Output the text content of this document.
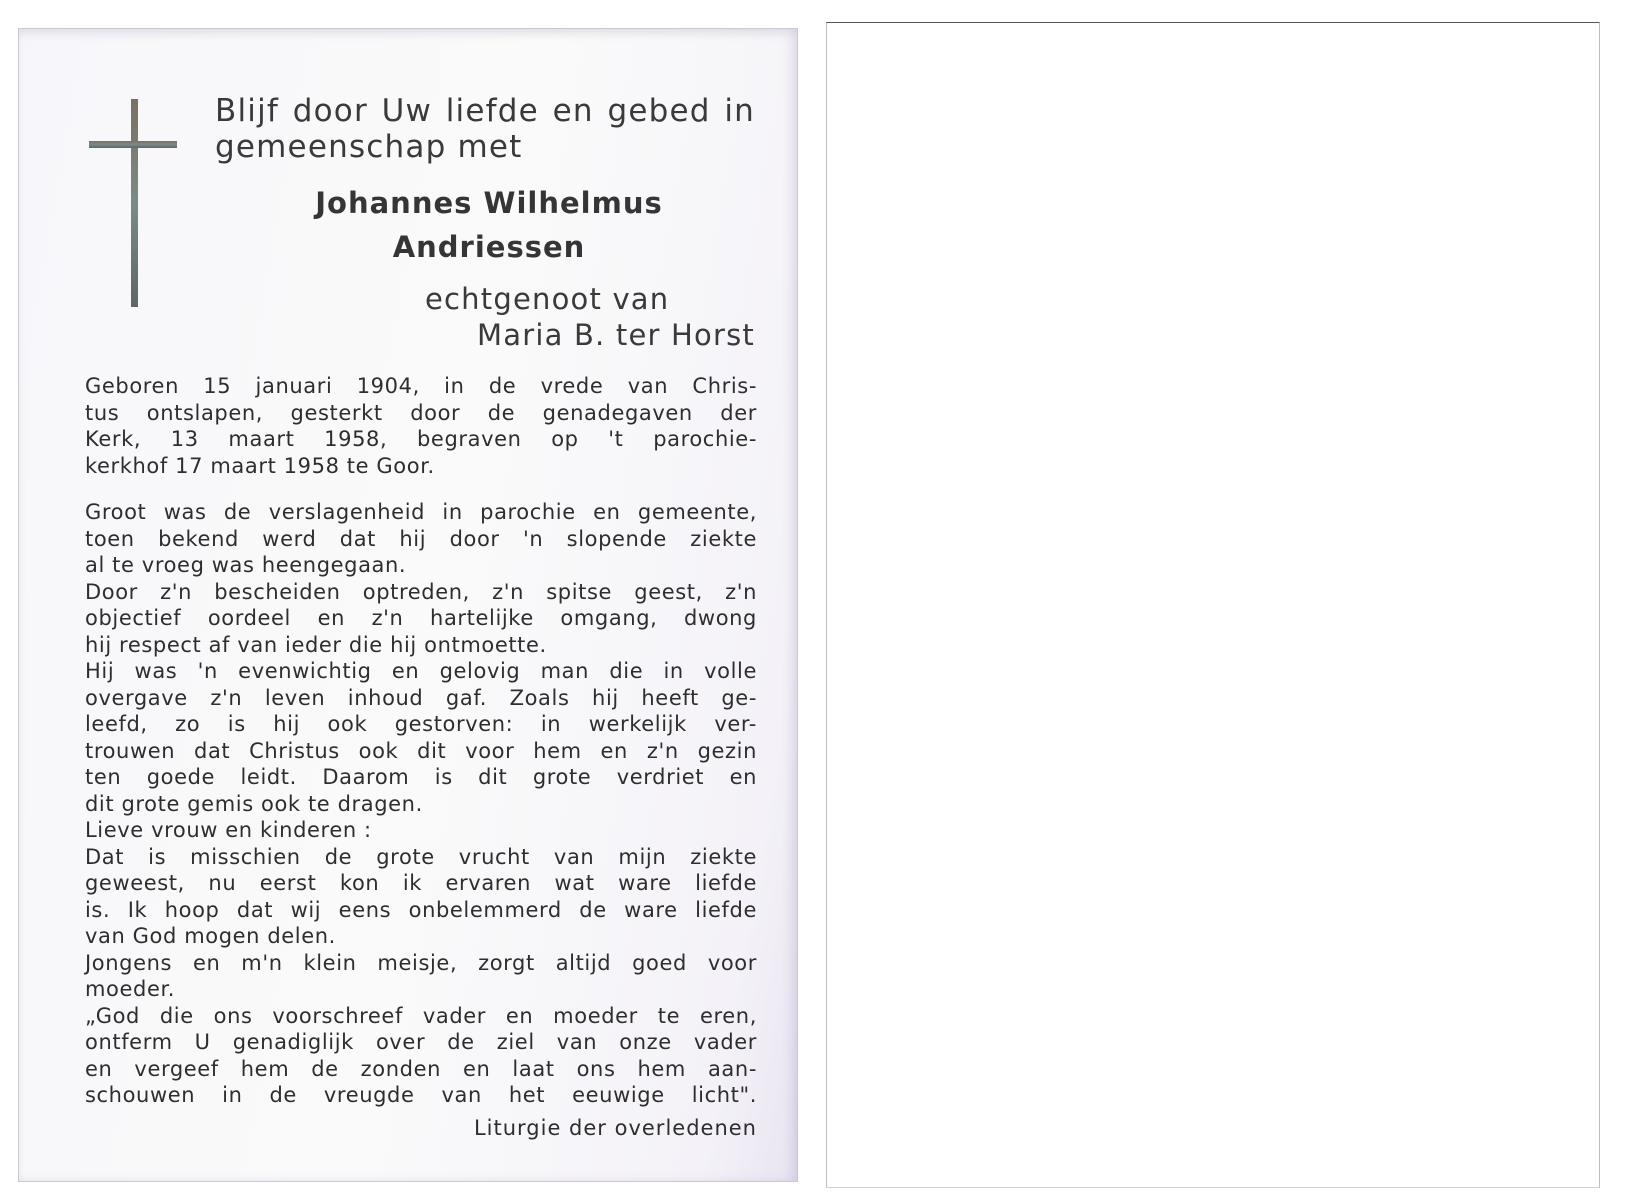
Blijf door Uw liefde en gebed in
gemeenschap met
Johannes Wilhelmus
Andriessen
echtgenoot van
Maria B. ter Horst
Geboren 15 januari 1904, in de vrede van Chris-
tus ontslapen, gesterkt door de genadegaven der
Kerk, 13 maart 1958, begraven op 't parochie-
kerkhof 17 maart 1958 te Goor.
Groot was de verslagenheid in parochie en gemeente,
toen bekend werd dat hij door 'n slopende ziekte
al te vroeg was heengegaan.
Door z'n bescheiden optreden, z'n spitse geest, z'n
objectief oordeel en z'n hartelijke omgang, dwong
hij respect af van ieder die hij ontmoette.
Hij was 'n evenwichtig en gelovig man die in volle
overgave z'n leven inhoud gaf. Zoals hij heeft ge-
leefd, zo is hij ook gestorven: in werkelijk ver-
trouwen dat Christus ook dit voor hem en z'n gezin
ten goede leidt. Daarom is dit grote verdriet en
dit grote gemis ook te dragen.
Lieve vrouw en kinderen :
Dat is misschien de grote vrucht van mijn ziekte
geweest, nu eerst kon ik ervaren wat ware liefde
is. Ik hoop dat wij eens onbelemmerd de ware liefde
van God mogen delen.
Jongens en m'n klein meisje, zorgt altijd goed voor
moeder.
„God die ons voorschreef vader en moeder te eren,
ontferm U genadiglijk over de ziel van onze vader
en vergeef hem de zonden en laat ons hem aan-
schouwen in de vreugde van het eeuwige licht".
Liturgie der overledenen
